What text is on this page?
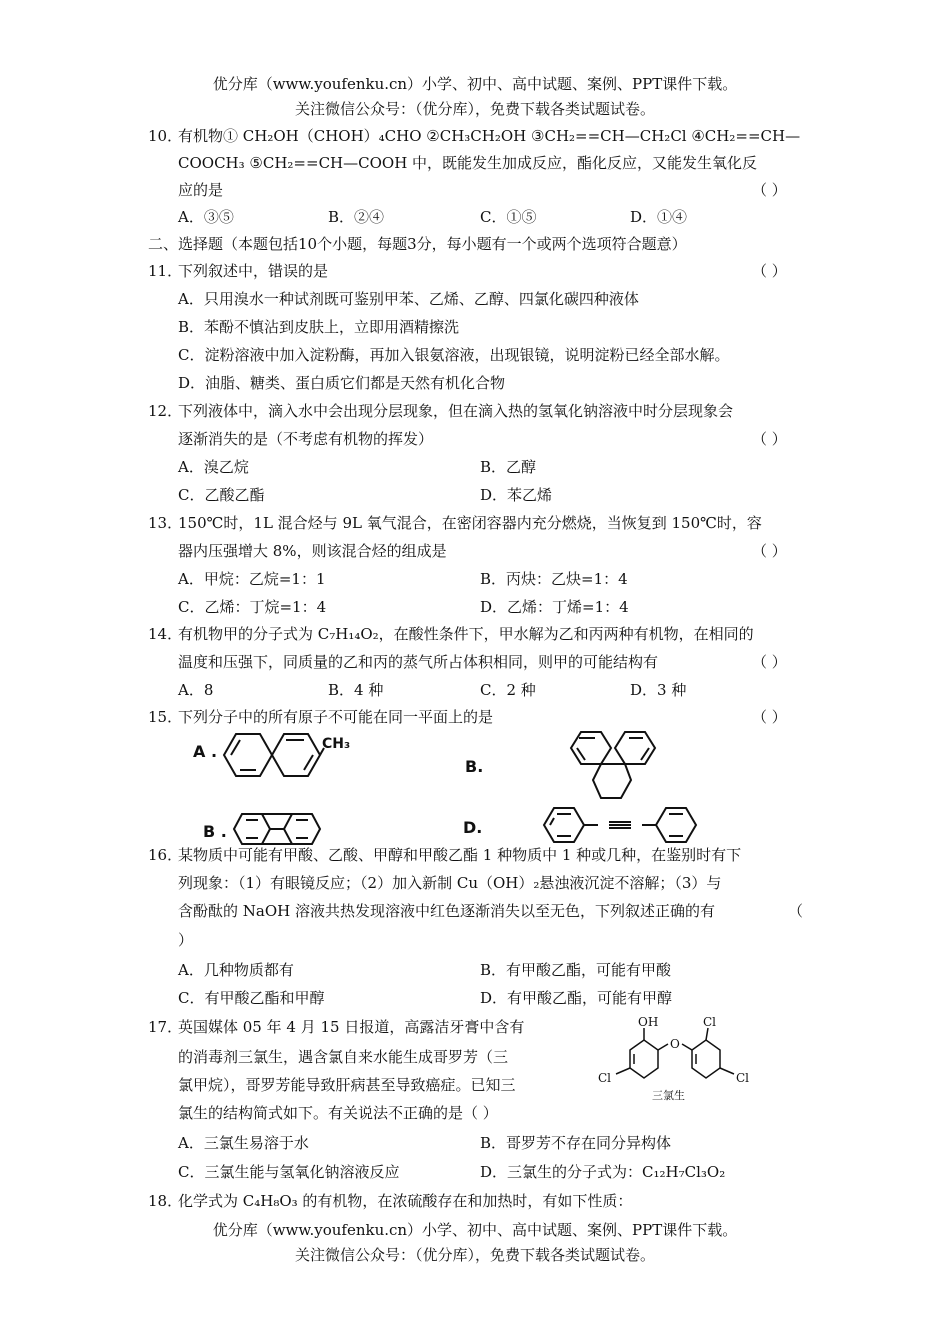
优分库（www.youfenku.cn）小学、初中、高中试题、案例、PPT课件下载。
关注微信公众号：（优分库），免费下载各类试题试卷。
10．
有机物① CH₂OH（CHOH）₄CHO ②CH₃CH₂OH ③CH₂==CH—CH₂Cl ④CH₂==CH—
COOCH₃ ⑤CH₂==CH—COOH 中，既能发生加成反应，酯化反应，又能发生氧化反
应的是	（ ）
A．③⑤	B．②④	C．①⑤	D．①④
二、选择题（本题包括10个小题，每题3分，每小题有一个或两个选项符合题意）
11．
下列叙述中，错误的是	（ ）
A．只用溴水一种试剂既可鉴别甲苯、乙烯、乙醇、四氯化碳四种液体
B．苯酚不慎沾到皮肤上，立即用酒精擦洗
C．淀粉溶液中加入淀粉酶，再加入银氨溶液，出现银镜，说明淀粉已经全部水解。
D．油脂、糖类、蛋白质它们都是天然有机化合物
12．
下列液体中，滴入水中会出现分层现象，但在滴入热的氢氧化钠溶液中时分层现象会
逐渐消失的是（不考虑有机物的挥发）	（ ）
A．溴乙烷	B．乙醇
C．乙酸乙酯	D．苯乙烯
13．
150℃时，1L 混合烃与 9L 氧气混合，在密闭容器内充分燃烧，当恢复到 150℃时，容
器内压强增大 8%，则该混合烃的组成是	（ ）
A．甲烷：乙烷=1：1	B．丙炔：乙炔=1：4
C．乙烯：丁烷=1：4	D．乙烯：丁烯=1：4
14．
有机物甲的分子式为 C₇H₁₄O₂，在酸性条件下，甲水解为乙和丙两种有机物，在相同的
温度和压强下，同质量的乙和丙的蒸气所占体积相同，则甲的可能结构有	（ ）
A．8	B．4 种	C．2 种	D．3 种
15．
下列分子中的所有原子不可能在同一平面上的是	（ ）
A .	CH₃
B.
B .	D.
16．
某物质中可能有甲酸、乙酸、甲醇和甲酸乙酯 1 种物质中 1 种或几种，在鉴别时有下
列现象：（1）有眼镜反应；（2）加入新制 Cu（OH）₂悬浊液沉淀不溶解；（3）与
含酚酞的 NaOH 溶液共热发现溶液中红色逐渐消失以至无色，下列叙述正确的有	（
）
A．几种物质都有	B．有甲酸乙酯，可能有甲酸
C．有甲酸乙酯和甲醇	D．有甲酸乙酯，可能有甲醇
17．
英国媒体 05 年 4 月 15 日报道，高露洁牙膏中含有
的消毒剂三氯生，遇含氯自来水能生成哥罗芳（三
氯甲烷），哥罗芳能导致肝病甚至导致癌症。已知三
氯生的结构简式如下。有关说法不正确的是（ ）
OH
O
Cl
Cl	Cl
三氯生
A．三氯生易溶于水	B．哥罗芳不存在同分异构体
C．三氯生能与氢氧化钠溶液反应	D．三氯生的分子式为：C₁₂H₇Cl₃O₂
18．
化学式为 C₄H₈O₃ 的有机物，在浓硫酸存在和加热时，有如下性质：
优分库（www.youfenku.cn）小学、初中、高中试题、案例、PPT课件下载。
关注微信公众号：（优分库），免费下载各类试题试卷。
